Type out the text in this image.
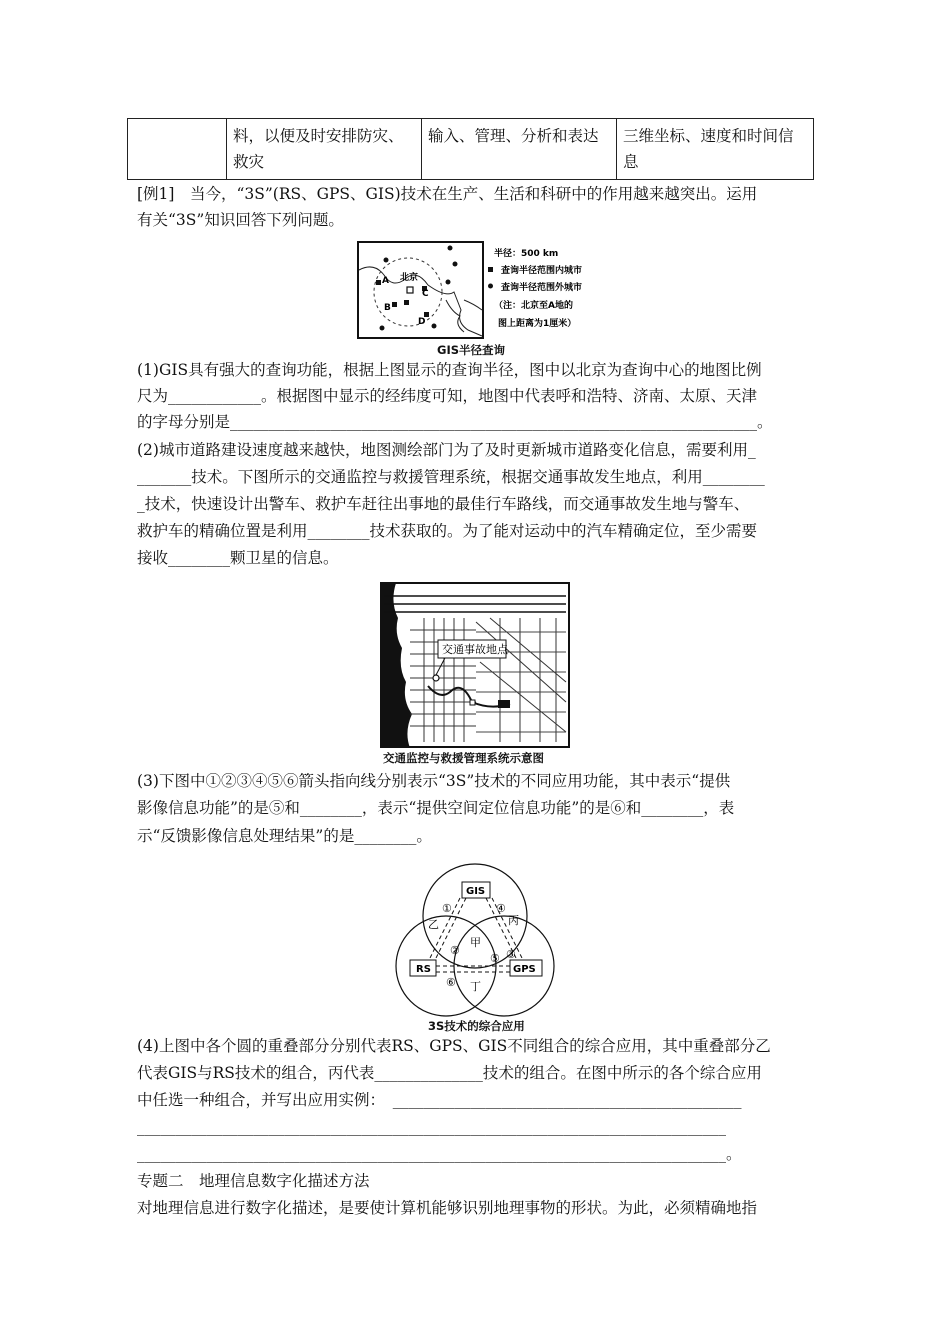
	料，以便及时安排防灾、救灾	输入、管理、分析和表达	三维坐标、速度和时间信息
[例1]　当今，“3S”(RS、GPS、GIS)技术在生产、生活和科研中的作用越来越突出。运用
有关“3S”知识回答下列问题。
北京
A
B
C
D
半径：500 km
查询半径范围内城市
查询半径范围外城市
（注：北京至A地的
图上距离为1厘米）
GIS半径查询
(1)GIS具有强大的查询功能，根据上图显示的查询半径，图中以北京为查询中心的地图比例
尺为____________。根据图中显示的经纬度可知，地图中代表呼和浩特、济南、太原、天津
的字母分别是____________________________________________________________________。
(2)城市道路建设速度越来越快，地图测绘部门为了及时更新城市道路变化信息，需要利用_
_______技术。下图所示的交通监控与救援管理系统，根据交通事故发生地点，利用________
_技术，快速设计出警车、救护车赶往出事地的最佳行车路线，而交通事故发生地与警车、
救护车的精确位置是利用________技术获取的。为了能对运动中的汽车精确定位，至少需要
接收________颗卫星的信息。
交通事故地点
交通监控与救援管理系统示意图
(3)下图中①②③④⑤⑥箭头指向线分别表示“3S”技术的不同应用功能，其中表示“提供
影像信息功能”的是⑤和________，表示“提供空间定位信息功能”的是⑥和________，表
示“反馈影像信息处理结果”的是________。
GIS
RS	GPS
甲
乙	丙
丁
①
②	③
④
⑤
⑥
3S技术的综合应用
(4)上图中各个圆的重叠部分分别代表RS、GPS、GIS不同组合的综合应用，其中重叠部分乙
代表GIS与RS技术的组合，丙代表______________技术的组合。在图中所示的各个综合应用
中任选一种组合，并写出应用实例：　_____________________________________________
____________________________________________________________________________
____________________________________________________________________________。
专题二　地理信息数字化描述方法
对地理信息进行数字化描述，是要使计算机能够识别地理事物的形状。为此，必须精确地指
